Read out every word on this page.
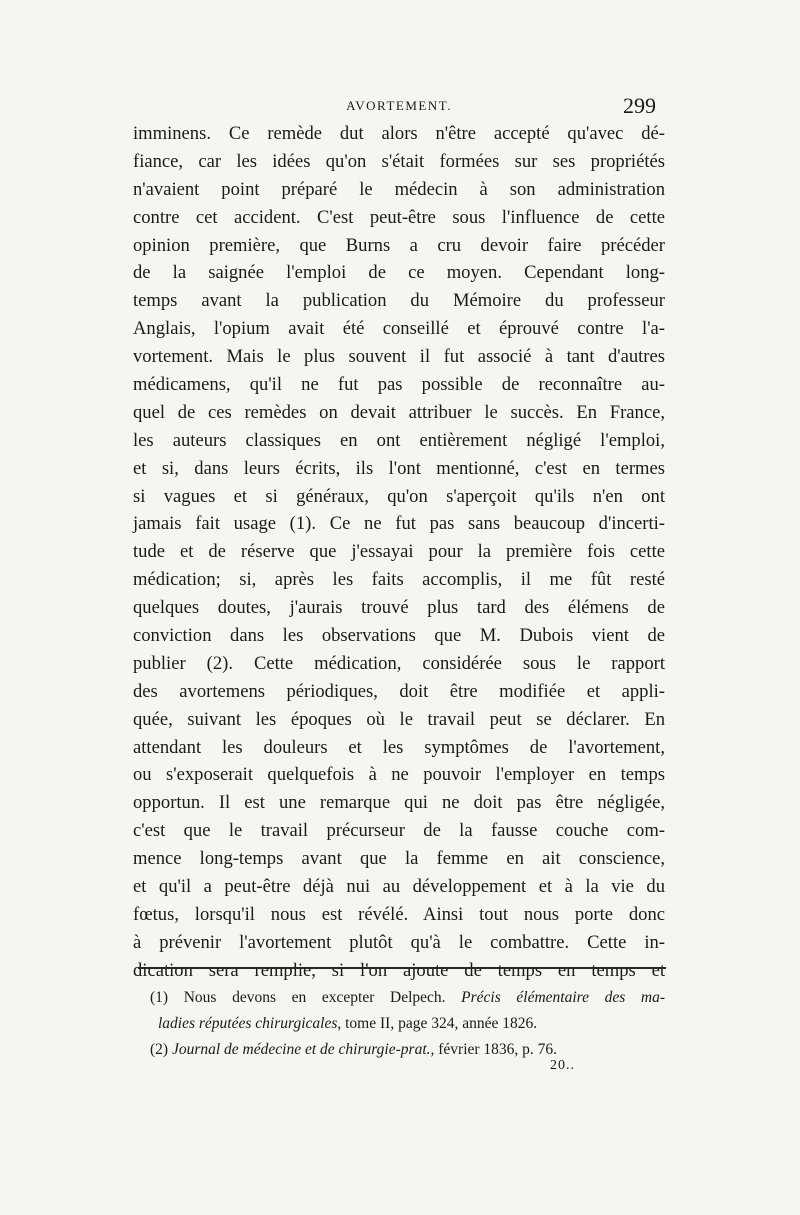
AVORTEMENT.	299
imminens. Ce remède dut alors n'être accepté qu'avec dé-
fiance, car les idées qu'on s'était formées sur ses propriétés
n'avaient point préparé le médecin à son administration
contre cet accident. C'est peut-être sous l'influence de cette
opinion première, que Burns a cru devoir faire précéder
de la saignée l'emploi de ce moyen. Cependant long-
temps avant la publication du Mémoire du professeur
Anglais, l'opium avait été conseillé et éprouvé contre l'a-
vortement. Mais le plus souvent il fut associé à tant d'autres
médicamens, qu'il ne fut pas possible de reconnaître au-
quel de ces remèdes on devait attribuer le succès. En France,
les auteurs classiques en ont entièrement négligé l'emploi,
et si, dans leurs écrits, ils l'ont mentionné, c'est en termes
si vagues et si généraux, qu'on s'aperçoit qu'ils n'en ont
jamais fait usage (1). Ce ne fut pas sans beaucoup d'incerti-
tude et de réserve que j'essayai pour la première fois cette
médication; si, après les faits accomplis, il me fût resté
quelques doutes, j'aurais trouvé plus tard des élémens de
conviction dans les observations que M. Dubois vient de
publier (2). Cette médication, considérée sous le rapport
des avortemens périodiques, doit être modifiée et appli-
quée, suivant les époques où le travail peut se déclarer. En
attendant les douleurs et les symptômes de l'avortement,
ou s'exposerait quelquefois à ne pouvoir l'employer en temps
opportun. Il est une remarque qui ne doit pas être négligée,
c'est que le travail précurseur de la fausse couche com-
mence long-temps avant que la femme en ait conscience,
et qu'il a peut-être déjà nui au développement et à la vie du
fœtus, lorsqu'il nous est révélé. Ainsi tout nous porte donc
à prévenir l'avortement plutôt qu'à le combattre. Cette in-
dication sera remplie, si l'on ajoute de temps en temps et
(1) Nous devons en excepter Delpech. Précis élémentaire des ma-
ladies réputées chirurgicales, tome II, page 324, année 1826.
(2) Journal de médecine et de chirurgie-prat., février 1836, p. 76.
20..
